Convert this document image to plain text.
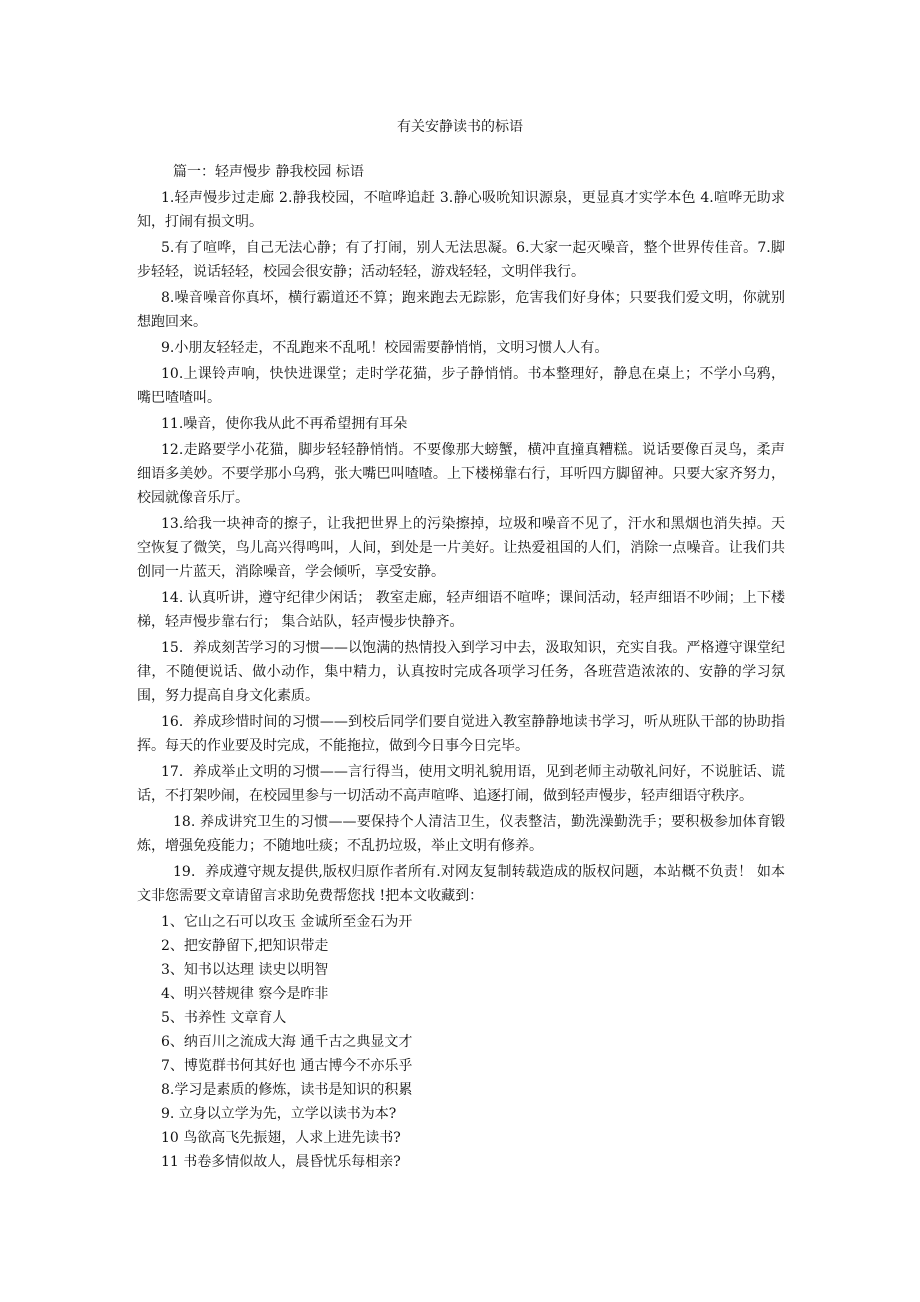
有关安静读书的标语

篇一：轻声慢步 静我校园 标语

1.轻声慢步过走廊 2.静我校园，不喧哗追赶 3.静心吸吮知识源泉，更显真才实学本色 4.喧哗无助求知，打闹有损文明。

5.有了喧哗，自己无法心静；有了打闹，别人无法思凝。6.大家一起灭噪音，整个世界传佳音。7.脚步轻轻，说话轻轻，校园会很安静；活动轻轻，游戏轻轻，文明伴我行。

8.噪音噪音你真坏，横行霸道还不算；跑来跑去无踪影，危害我们好身体；只要我们爱文明，你就别想跑回来。

9.小朋友轻轻走，不乱跑来不乱吼！校园需要静悄悄，文明习惯人人有。

10.上课铃声响，快快进课堂；走时学花猫，步子静悄悄。书本整理好，静息在桌上；不学小乌鸦，嘴巴喳喳叫。

11.噪音，使你我从此不再希望拥有耳朵

12.走路要学小花猫，脚步轻轻静悄悄。不要像那大螃蟹，横冲直撞真糟糕。说话要像百灵鸟，柔声细语多美妙。不要学那小乌鸦，张大嘴巴叫喳喳。上下楼梯靠右行，耳听四方脚留神。只要大家齐努力，校园就像音乐厅。

13.给我一块神奇的擦子，让我把世界上的污染擦掉，垃圾和噪音不见了，汗水和黑烟也消失掉。天空恢复了微笑，鸟儿高兴得鸣叫，人间，到处是一片美好。让热爱祖国的人们，消除一点噪音。让我们共创同一片蓝天，消除噪音，学会倾听，享受安静。

14. 认真听讲，遵守纪律少闲话； 教室走廊，轻声细语不喧哗；课间活动，轻声细语不吵闹；上下楼梯，轻声慢步靠右行； 集合站队，轻声慢步快静齐。

15．养成刻苦学习的习惯——以饱满的热情投入到学习中去，汲取知识，充实自我。严格遵守课堂纪律，不随便说话、做小动作，集中精力，认真按时完成各项学习任务，各班营造浓浓的、安静的学习氛围，努力提高自身文化素质。

16．养成珍惜时间的习惯——到校后同学们要自觉进入教室静静地读书学习，听从班队干部的协助指挥。每天的作业要及时完成，不能拖拉，做到今日事今日完毕。

17．养成举止文明的习惯——言行得当，使用文明礼貌用语，见到老师主动敬礼问好，不说脏话、谎话，不打架吵闹，在校园里参与一切活动不高声喧哗、追逐打闹，做到轻声慢步，轻声细语守秩序。

18. 养成讲究卫生的习惯——要保持个人清洁卫生，仪表整洁，勤洗澡勤洗手；要积极参加体育锻炼，增强免疫能力；不随地吐痰；不乱扔垃圾，举止文明有修养。

19．养成遵守规友提供,版权归原作者所有.对网友复制转载造成的版权问题，本站概不负责！ 如本文非您需要文章请留言求助免费帮您找 !把本文收藏到：

1、它山之石可以攻玉 金诚所至金石为开

2、把安静留下,把知识带走

3、知书以达理 读史以明智

4、明兴替规律 察今是昨非

5、书养性 文章育人

6、纳百川之流成大海 通千古之典显文才

7、博览群书何其好也 通古博今不亦乐乎

8.学习是素质的修炼，读书是知识的积累

9. 立身以立学为先，立学以读书为本?

10 鸟欲高飞先振翅，人求上进先读书?

11 书卷多情似故人，晨昏忧乐每相亲?
